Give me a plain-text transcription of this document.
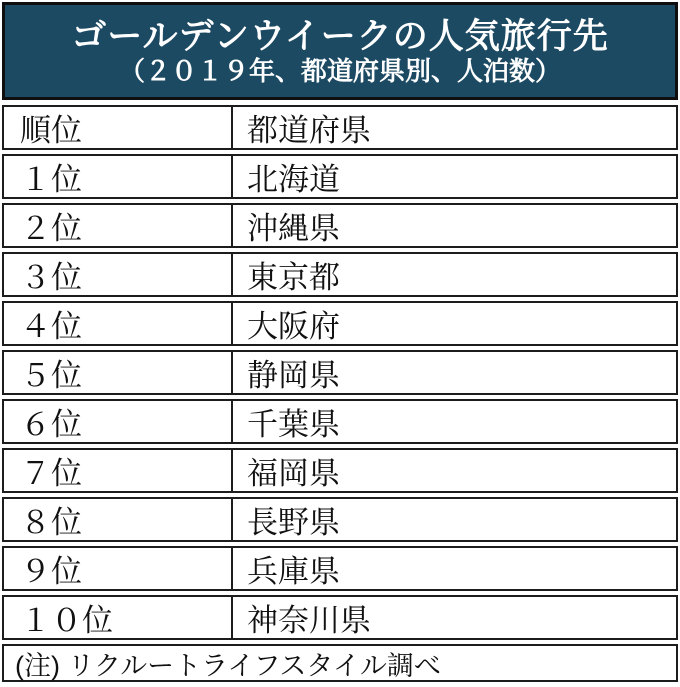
ゴールデンウイークの人気旅行先
（２０１９年、都道府県別、人泊数）
順位	都道府県
１位	北海道
２位	沖縄県
３位	東京都
４位	大阪府
５位	静岡県
６位	千葉県
７位	福岡県
８位	長野県
９位	兵庫県
１０位	神奈川県
(注) リクルートライフスタイル調べ
